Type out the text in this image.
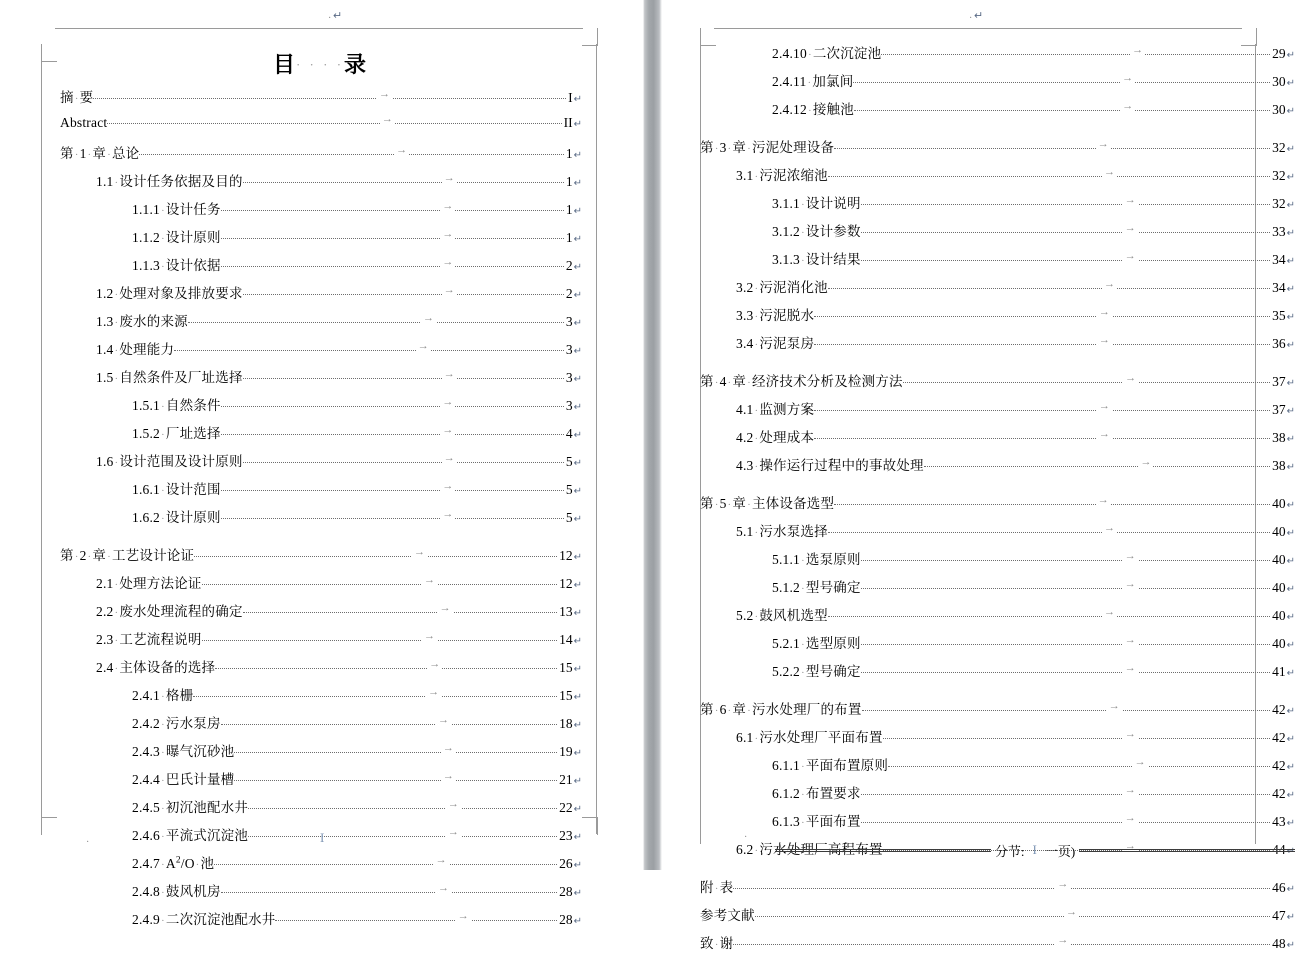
· ↵
目· · · ·录
摘·要	→	I ↵
Abstract	→	II ↵
第·1·章·总论	→	1 ↵
1.1·设计任务依据及目的	→	1 ↵
1.1.1·设计任务	→	1 ↵
1.1.2·设计原则	→	1 ↵
1.1.3·设计依据	→	2 ↵
1.2·处理对象及排放要求	→	2 ↵
1.3·废水的来源	→	3 ↵
1.4·处理能力	→	3 ↵
1.5·自然条件及厂址选择	→	3 ↵
1.5.1·自然条件	→	3 ↵
1.5.2·厂址选择	→	4 ↵
1.6·设计范围及设计原则	→	5 ↵
1.6.1·设计范围	→	5 ↵
1.6.2·设计原则	→	5 ↵
第·2·章·工艺设计论证	→	12 ↵
2.1·处理方法论证	→	12 ↵
2.2·废水处理流程的确定	→	13 ↵
2.3·工艺流程说明	→	14 ↵
2.4·主体设备的选择	→	15 ↵
2.4.1·格栅	→	15 ↵
2.4.2·污水泵房	→	18 ↵
2.4.3·曝气沉砂池	→	19 ↵
2.4.4·巴氏计量槽	→	21 ↵
2.4.5·初沉池配水井	→	22 ↵
2.4.6·平流式沉淀池	→	23 ↵
$2.4.7\cdot A^2/O\cdot$池	→	26 ↵
2.4.8·鼓风机房	→	28 ↵
2.4.9·二次沉淀池配水井	→	28 ↵
·	I
· ↵
2.4.10·二次沉淀池	→	29 ↵
2.4.11·加氯间	→	30 ↵
2.4.12·接触池	→	30 ↵
第·3·章·污泥处理设备	→	32 ↵
3.1·污泥浓缩池	→	32 ↵
3.1.1·设计说明	→	32 ↵
3.1.2·设计参数	→	33 ↵
3.1.3·设计结果	→	34 ↵
3.2·污泥消化池	→	34 ↵
3.3·污泥脱水	→	35 ↵
3.4·污泥泵房	→	36 ↵
第·4·章·经济技术分析及检测方法	→	37 ↵
4.1·监测方案	→	37 ↵
4.2·处理成本	→	38 ↵
4.3·操作运行过程中的事故处理	→	38 ↵
第·5·章·主体设备选型	→	40 ↵
5.1·污水泵选择	→	40 ↵
5.1.1·选泵原则	→	40 ↵
5.1.2·型号确定	→	40 ↵
5.2·鼓风机选型	→	40 ↵
5.2.1·选型原则	→	40 ↵
5.2.2·型号确定	→	41 ↵
第·6·章·污水处理厂的布置	→	42 ↵
6.1·污水处理厂平面布置	→	42 ↵
6.1.1·平面布置原则	→	42 ↵
6.1.2·布置要求	→	42 ↵
6.1.3·平面布置	→	43 ↵
6.2·污水处理厂高程布置	→	44 ↵
附·表	→	46 ↵
参考文献	→	47 ↵
致·谢	→	48 ↵
·
分节: I 一页)
